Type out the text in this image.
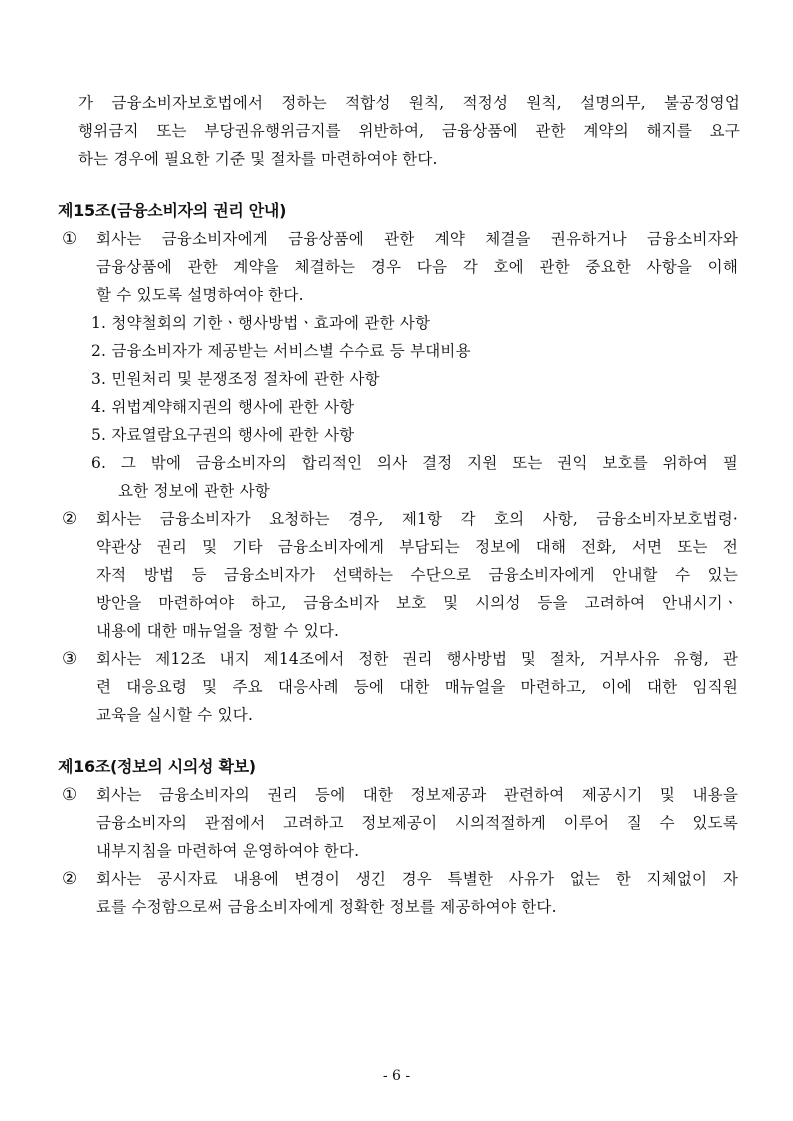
가 금융소비자보호법에서 정하는 적합성 원칙, 적정성 원칙, 설명의무, 불공정영업
행위금지 또는 부당권유행위금지를 위반하여, 금융상품에 관한 계약의 해지를 요구
하는 경우에 필요한 기준 및 절차를 마련하여야 한다.
제15조(금융소비자의 권리 안내)
① 회사는 금융소비자에게 금융상품에 관한 계약 체결을 권유하거나 금융소비자와
금융상품에 관한 계약을 체결하는 경우 다음 각 호에 관한 중요한 사항을 이해
할 수 있도록 설명하여야 한다.
1. 청약철회의 기한ㆍ행사방법ㆍ효과에 관한 사항
2. 금융소비자가 제공받는 서비스별 수수료 등 부대비용
3. 민원처리 및 분쟁조정 절차에 관한 사항
4. 위법계약해지권의 행사에 관한 사항
5. 자료열람요구권의 행사에 관한 사항
6. 그 밖에 금융소비자의 합리적인 의사 결정 지원 또는 권익 보호를 위하여 필
요한 정보에 관한 사항
② 회사는 금융소비자가 요청하는 경우, 제1항 각 호의 사항, 금융소비자보호법령·
약관상 권리 및 기타 금융소비자에게 부담되는 정보에 대해 전화, 서면 또는 전
자적 방법 등 금융소비자가 선택하는 수단으로 금융소비자에게 안내할 수 있는
방안을 마련하여야 하고, 금융소비자 보호 및 시의성 등을 고려하여 안내시기ㆍ
내용에 대한 매뉴얼을 정할 수 있다.
③ 회사는 제12조 내지 제14조에서 정한 권리 행사방법 및 절차, 거부사유 유형, 관
련 대응요령 및 주요 대응사례 등에 대한 매뉴얼을 마련하고, 이에 대한 임직원
교육을 실시할 수 있다.
제16조(정보의 시의성 확보)
① 회사는 금융소비자의 권리 등에 대한 정보제공과 관련하여 제공시기 및 내용을
금융소비자의 관점에서 고려하고 정보제공이 시의적절하게 이루어 질 수 있도록
내부지침을 마련하여 운영하여야 한다.
② 회사는 공시자료 내용에 변경이 생긴 경우 특별한 사유가 없는 한 지체없이 자
료를 수정함으로써 금융소비자에게 정확한 정보를 제공하여야 한다.
- 6 -
